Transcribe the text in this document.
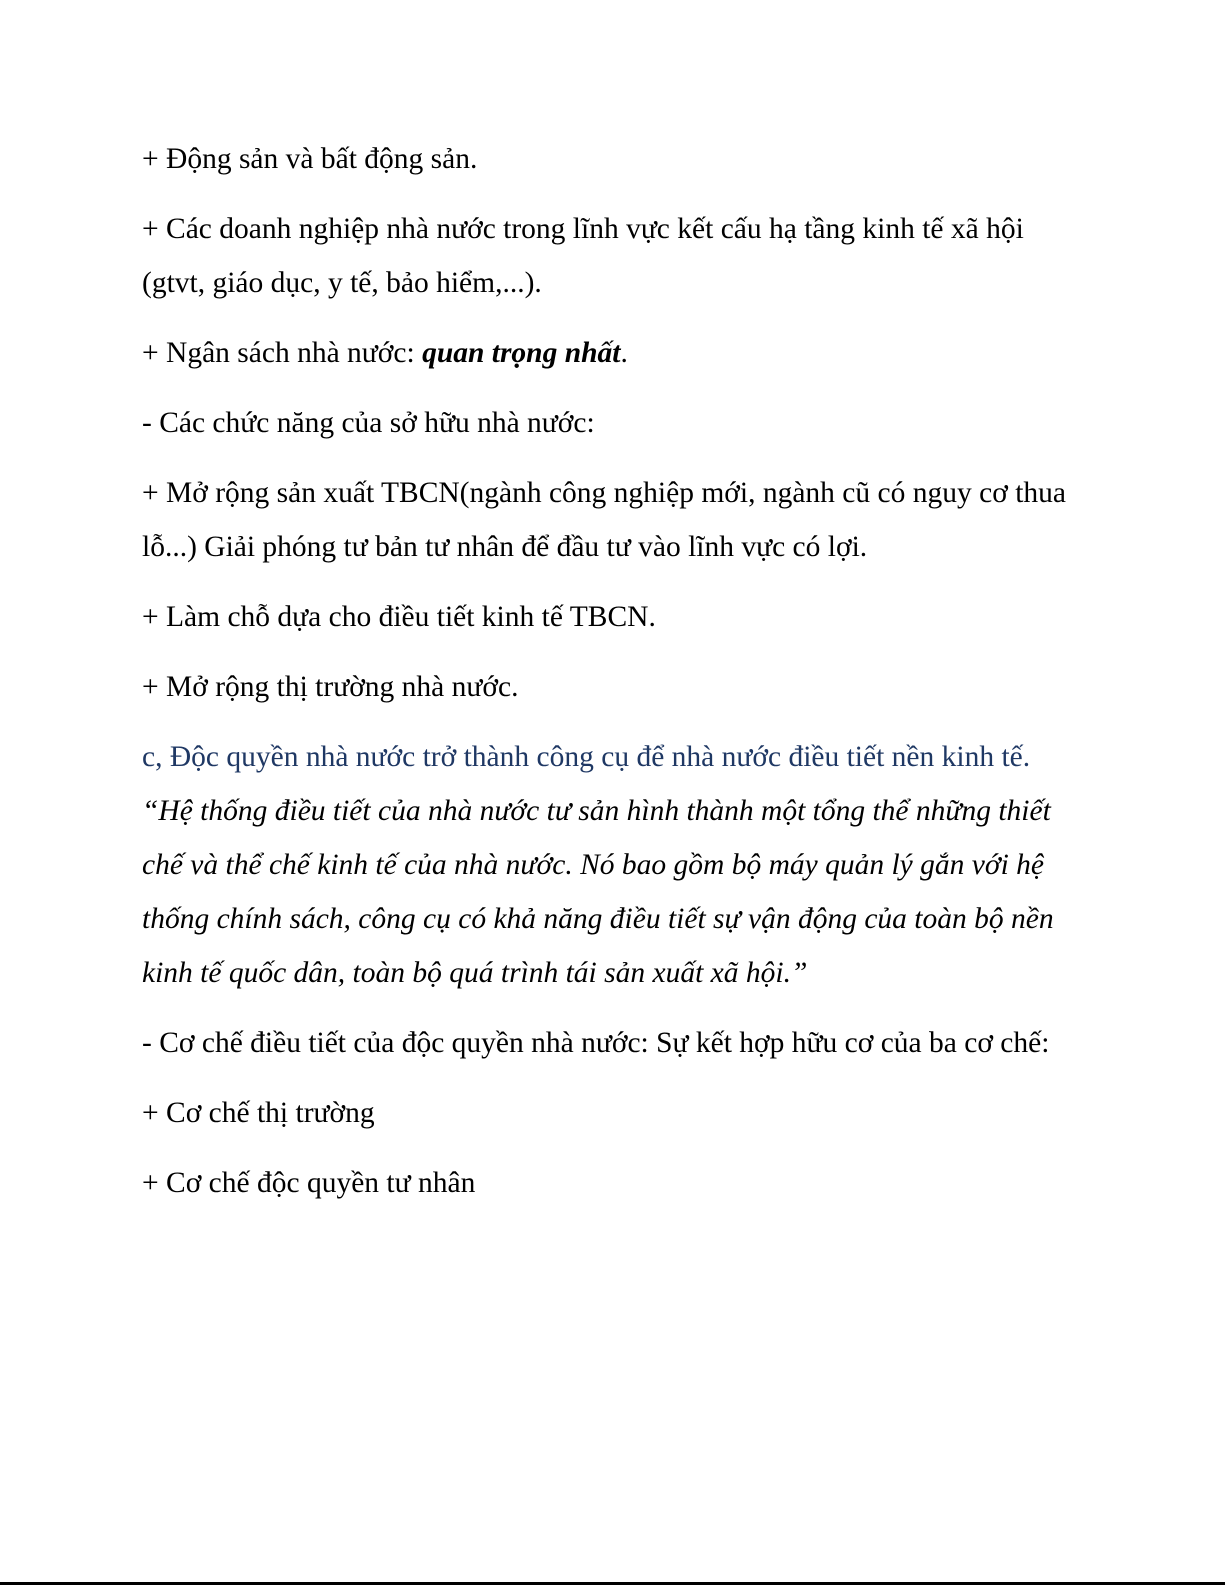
+ Động sản và bất động sản.

+ Các doanh nghiệp nhà nước trong lĩnh vực kết cấu hạ tầng kinh tế xã hội (gtvt, giáo dục, y tế, bảo hiểm,...).

+ Ngân sách nhà nước: quan trọng nhất.

- Các chức năng của sở hữu nhà nước:

+ Mở rộng sản xuất TBCN(ngành công nghiệp mới, ngành cũ có nguy cơ thua lỗ...) Giải phóng tư bản tư nhân để đầu tư vào lĩnh vực có lợi.

+ Làm chỗ dựa cho điều tiết kinh tế TBCN.

+ Mở rộng thị trường nhà nước.

c, Độc quyền nhà nước trở thành công cụ để nhà nước điều tiết nền kinh tế.

“Hệ thống điều tiết của nhà nước tư sản hình thành một tổng thể những thiết chế và thể chế kinh tế của nhà nước. Nó bao gồm bộ máy quản lý gắn với hệ thống chính sách, công cụ có khả năng điều tiết sự vận động của toàn bộ nền kinh tế quốc dân, toàn bộ quá trình tái sản xuất xã hội.”

- Cơ chế điều tiết của độc quyền nhà nước: Sự kết hợp hữu cơ của ba cơ chế:

+ Cơ chế thị trường

+ Cơ chế độc quyền tư nhân
